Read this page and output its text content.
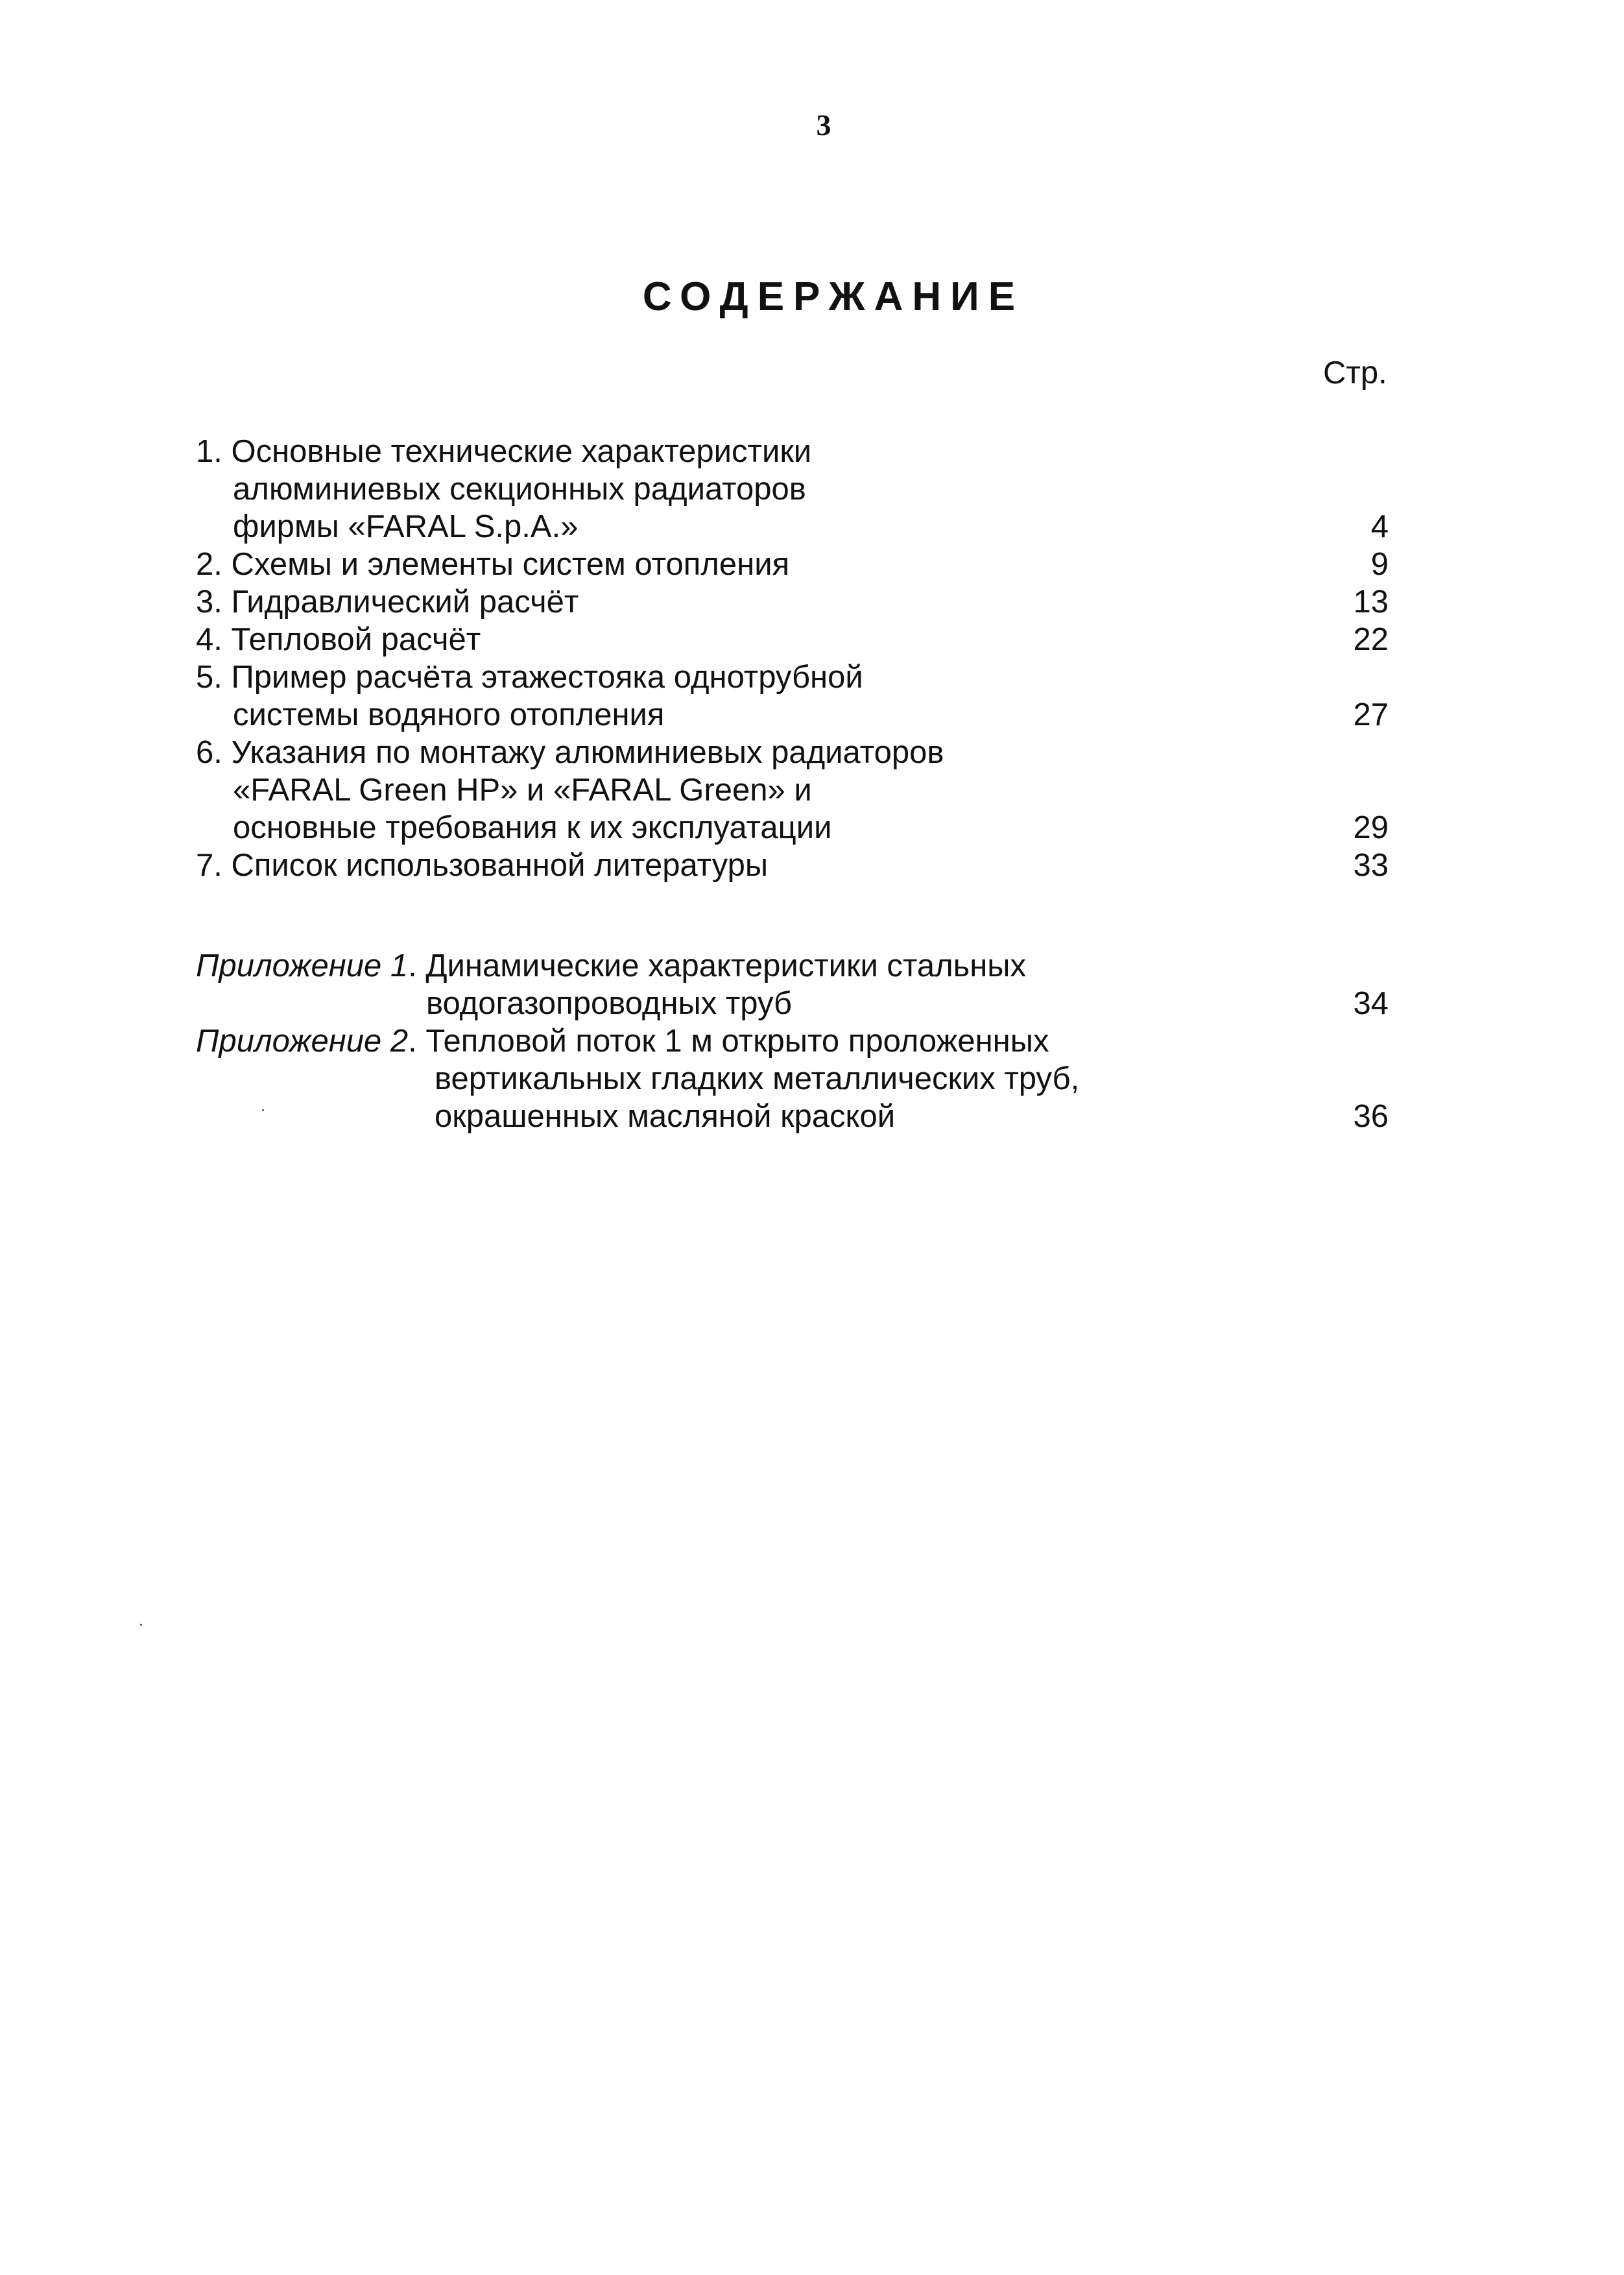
3
СОДЕРЖАНИЕ
Стр.
1. Основные технические характеристики
алюминиевых секционных радиаторов
фирмы «FARAL S.p.A.»	4
2. Схемы и элементы систем отопления	9
3. Гидравлический расчёт	13
4. Тепловой расчёт	22
5. Пример расчёта этажестояка однотрубной
системы водяного отопления	27
6. Указания по монтажу алюминиевых радиаторов
«FARAL Green HP» и «FARAL Green» и
основные требования к их эксплуатации	29
7. Список использованной литературы	33
Приложение 1. Динамические характеристики стальных
водогазопроводных труб	34
Приложение 2. Тепловой поток 1 м открыто проложенных
вертикальных гладких металлических труб,
окрашенных масляной краской	36
